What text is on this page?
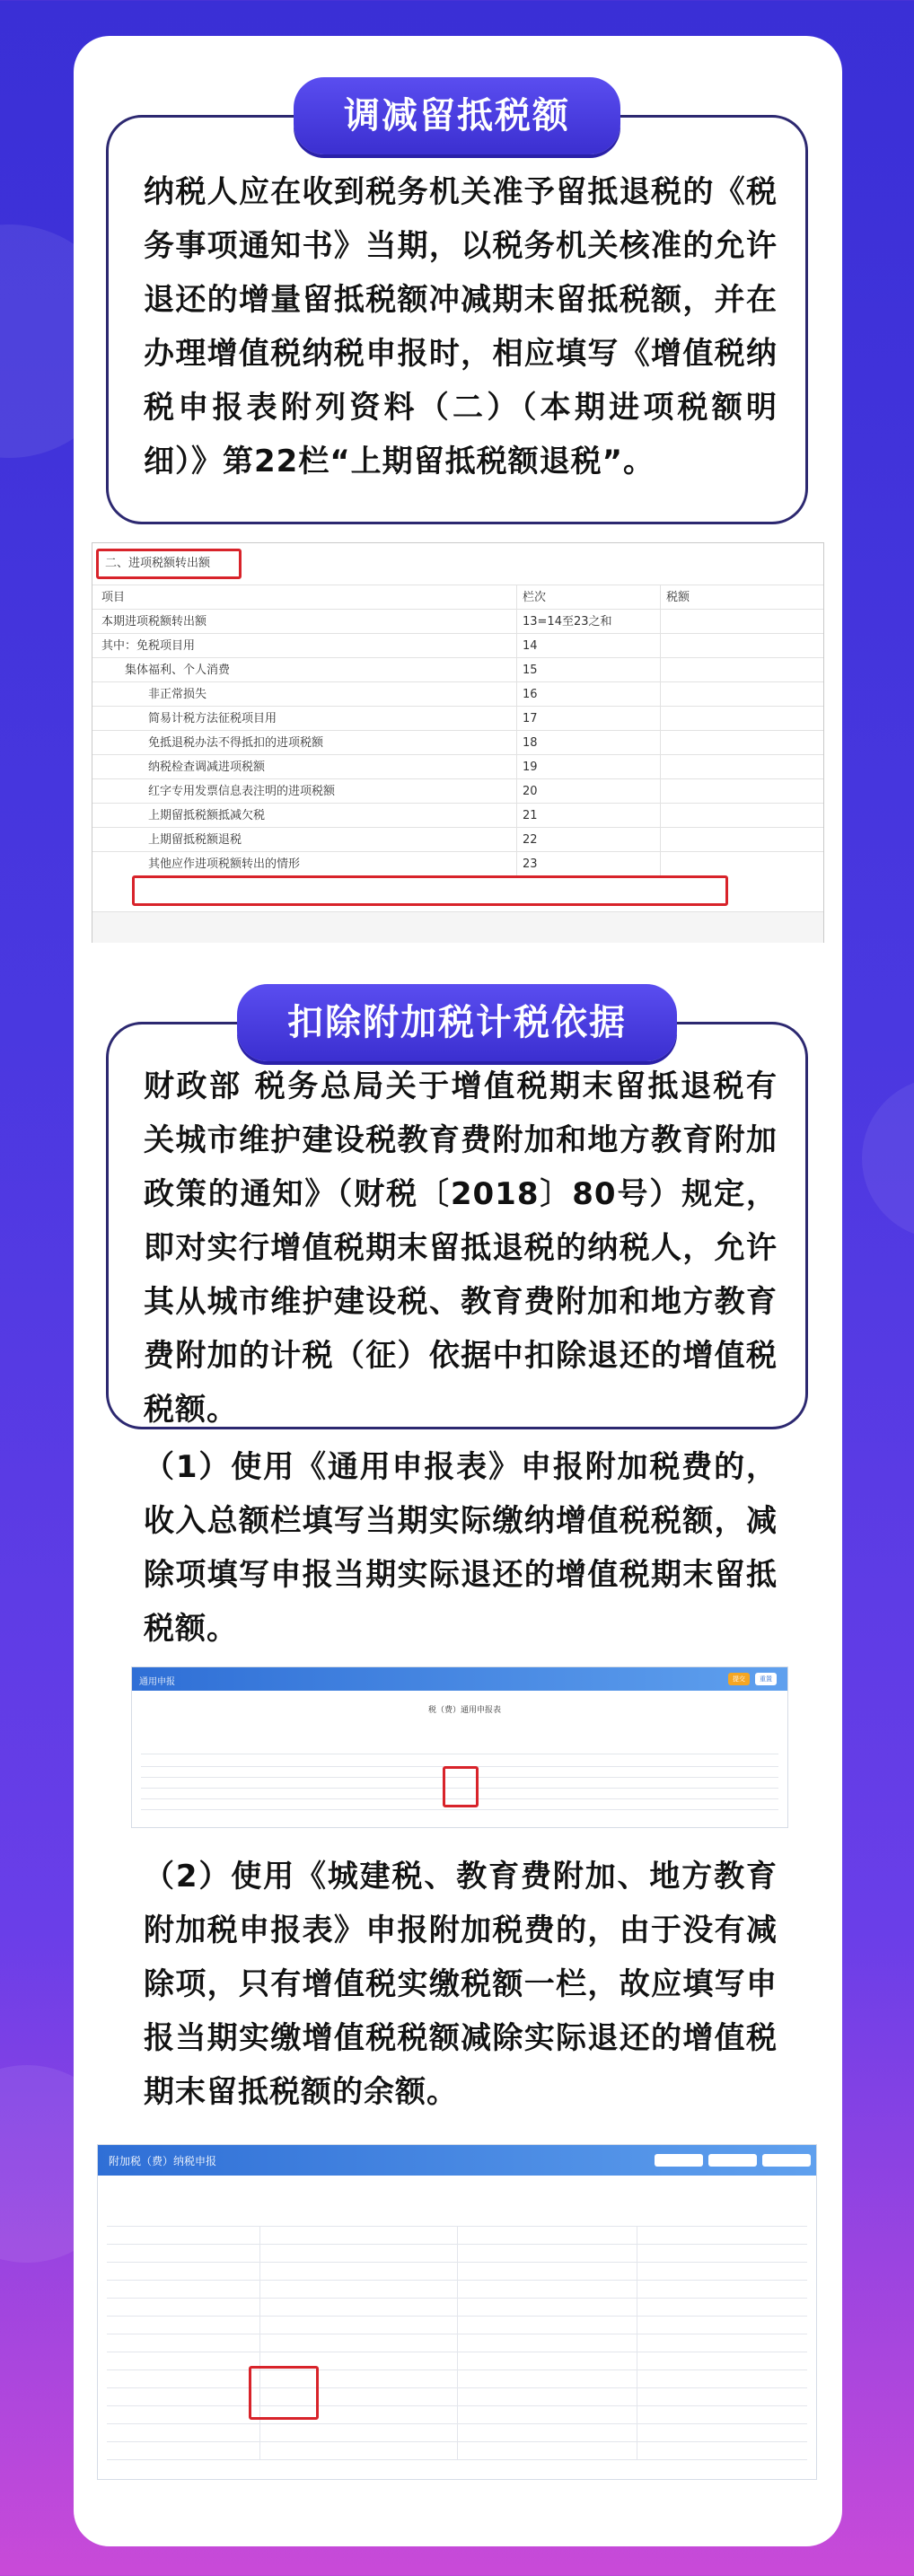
调减留抵税额
纳税人应在收到税务机关准予留抵退税的《税务事项通知书》当期，以税务机关核准的允许退还的增量留抵税额冲减期末留抵税额，并在办理增值税纳税申报时，相应填写《增值税纳税申报表附列资料（二）（本期进项税额明细）》第22栏“上期留抵税额退税”。
二、进项税额转出额
项目	栏次	税额
本期进项税额转出额	13=14至23之和
其中：免税项目用	14
集体福利、个人消费	15
非正常损失	16
简易计税方法征税项目用	17
免抵退税办法不得抵扣的进项税额	18
纳税检查调减进项税额	19
红字专用发票信息表注明的进项税额	20
上期留抵税额抵减欠税	21
上期留抵税额退税	22
其他应作进项税额转出的情形	23
扣除附加税计税依据
财政部 税务总局关于增值税期末留抵退税有关城市维护建设税教育费附加和地方教育附加政策的通知》（财税〔2018〕80号）规定，即对实行增值税期末留抵退税的纳税人，允许其从城市维护建设税、教育费附加和地方教育费附加的计税（征）依据中扣除退还的增值税税额。
（1）使用《通用申报表》申报附加税费的，收入总额栏填写当期实际缴纳增值税税额，减除项填写申报当期实际退还的增值税期末留抵税额。
通用申报	提交	重置
税（费）通用申报表
（2）使用《城建税、教育费附加、地方教育附加税申报表》申报附加税费的，由于没有减除项，只有增值税实缴税额一栏，故应填写申报当期实缴增值税税额减除实际退还的增值税期末留抵税额的余额。
附加税（费）纳税申报
